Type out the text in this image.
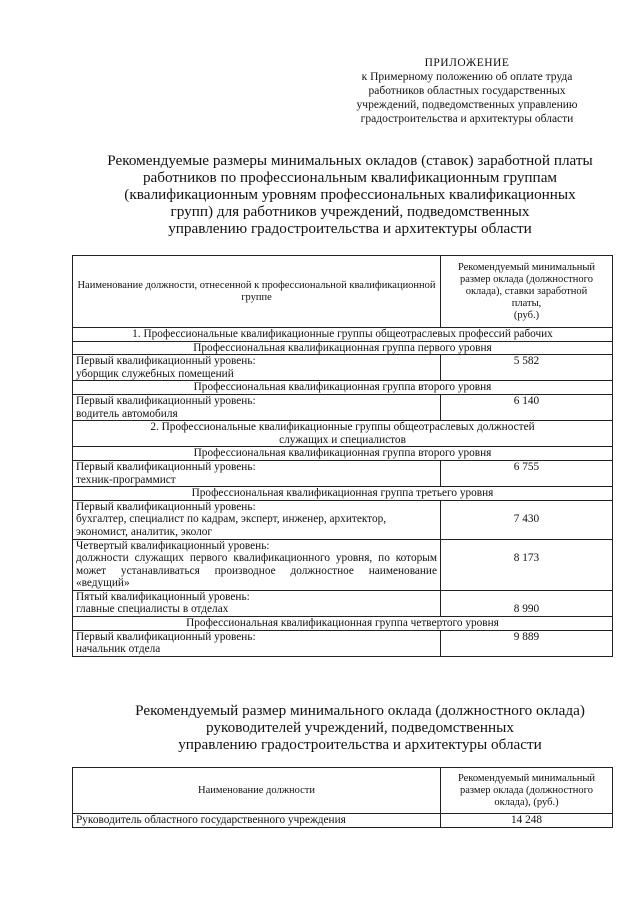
ПРИЛОЖЕНИЕ
к Примерному положению об оплате труда
работников областных государственных
учреждений, подведомственных управлению
градостроительства и архитектуры области
Рекомендуемые размеры минимальных окладов (ставок) заработной платы
работников по профессиональным квалификационным группам
(квалификационным уровням профессиональных квалификационных
групп) для работников учреждений, подведомственных
управлению градостроительства и архитектуры области
Наименование должности, отнесенной к профессиональной квалификационной группе	Рекомендуемый минимальный
размер оклада (должностного
оклада), ставки заработной
платы,
(руб.)

1. Профессиональные квалификационные группы общеотраслевых профессий рабочих	
Профессиональная квалификационная группа первого уровня	

Первый квалификационный уровень:
уборщик служебных помещений	5 582
Профессиональная квалификационная группа второго уровня	

Первый квалификационный уровень:
водитель автомобиля	6 140

2. Профессиональные квалификационные группы общеотраслевых должностей
служащих и специалистов	

Профессиональная квалификационная группа второго уровня	

Первый квалификационный уровень:
техник-программист	6 755
Профессиональная квалификационная группа третьего уровня	

Первый квалификационный уровень:
бухгалтер, специалист по кадрам, эксперт, инженер, архитектор,
экономист, аналитик, эколог	7 430

Четвертый квалификационный уровень:
должности служащих первого квалификационного уровня, по которым может устанавливаться производное должностное наименование «ведущий»	8 173

Пятый квалификационный уровень:
главные специалисты в отделах	8 990
Профессиональная квалификационная группа четвертого уровня	

Первый квалификационный уровень:
начальник отдела	9 889
Рекомендуемый размер минимального оклада (должностного оклада)
руководителей учреждений, подведомственных
управлению градостроительства и архитектуры области
Наименование должности	Рекомендуемый минимальный
размер оклада (должностного
оклада), (руб.)

Руководитель областного государственного учреждения	14 248
